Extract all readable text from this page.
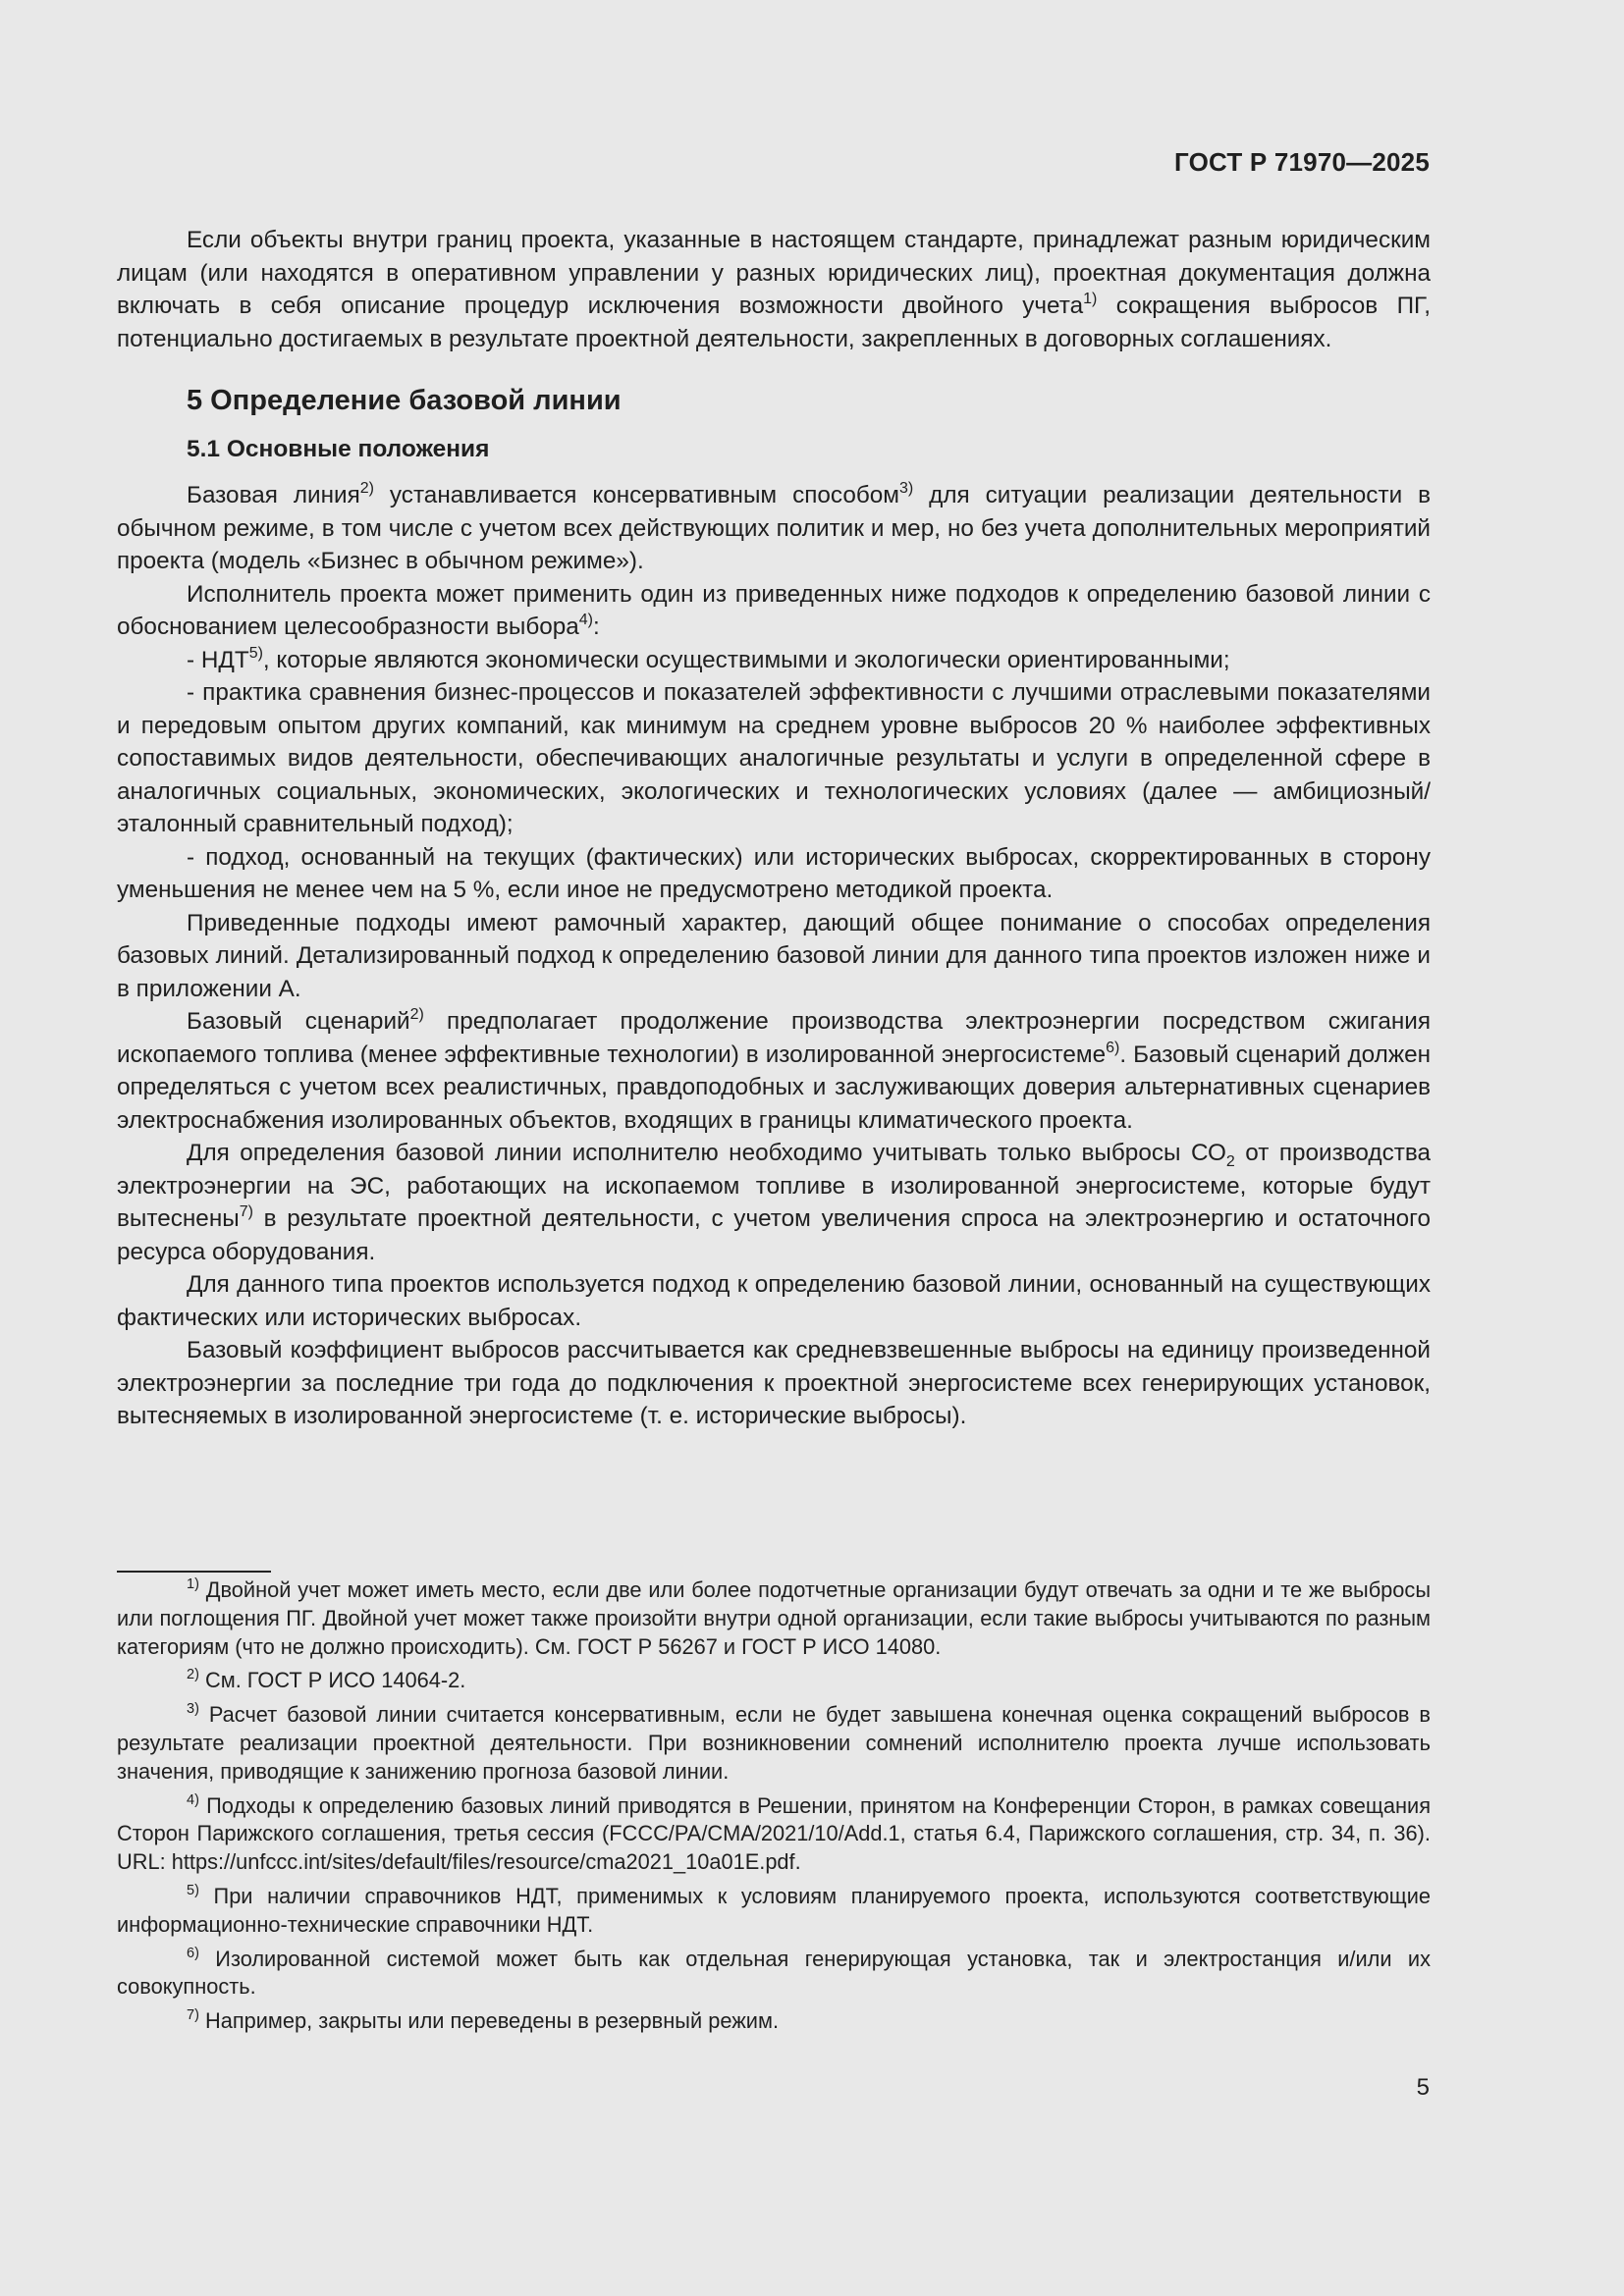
ГОСТ Р 71970—2025

Если объекты внутри границ проекта, указанные в настоящем стандарте, принадлежат разным юридическим лицам (или находятся в оперативном управлении у разных юридических лиц), проектная документация должна включать в себя описание процедур исключения возможности двойного учета$^{1)}$ сокращения выбросов ПГ, потенциально достигаемых в результате проектной деятельности, закрепленных в договорных соглашениях.

5 Определение базовой линии
5.1 Основные положения

Базовая линия$^{2)}$ устанавливается консервативным способом$^{3)}$ для ситуации реализации деятельности в обычном режиме, в том числе с учетом всех действующих политик и мер, но без учета дополнительных мероприятий проекта (модель «Бизнес в обычном режиме»).

Исполнитель проекта может применить один из приведенных ниже подходов к определению базовой линии с обоснованием целесообразности выбора$^{4)}$:

- НДТ$^{5)}$, которые являются экономически осуществимыми и экологически ориентированными;

- практика сравнения бизнес-процессов и показателей эффективности с лучшими отраслевыми показателями и передовым опытом других компаний, как минимум на среднем уровне выбросов 20 % наиболее эффективных сопоставимых видов деятельности, обеспечивающих аналогичные результаты и услуги в определенной сфере в аналогичных социальных, экономических, экологических и технологических условиях (далее — амбициозный/эталонный сравнительный подход);

- подход, основанный на текущих (фактических) или исторических выбросах, скорректированных в сторону уменьшения не менее чем на 5 %, если иное не предусмотрено методикой проекта.

Приведенные подходы имеют рамочный характер, дающий общее понимание о способах определения базовых линий. Детализированный подход к определению базовой линии для данного типа проектов изложен ниже и в приложении А.

Базовый сценарий$^{2)}$ предполагает продолжение производства электроэнергии посредством сжигания ископаемого топлива (менее эффективные технологии) в изолированной энергосистеме$^{6)}$. Базовый сценарий должен определяться с учетом всех реалистичных, правдоподобных и заслуживающих доверия альтернативных сценариев электроснабжения изолированных объектов, входящих в границы климатического проекта.

Для определения базовой линии исполнителю необходимо учитывать только выбросы $СО_2$ от производства электроэнергии на ЭС, работающих на ископаемом топливе в изолированной энергосистеме, которые будут вытеснены$^{7)}$ в результате проектной деятельности, с учетом увеличения спроса на электроэнергию и остаточного ресурса оборудования.

Для данного типа проектов используется подход к определению базовой линии, основанный на существующих фактических или исторических выбросах.

Базовый коэффициент выбросов рассчитывается как средневзвешенные выбросы на единицу произведенной электроэнергии за последние три года до подключения к проектной энергосистеме всех генерирующих установок, вытесняемых в изолированной энергосистеме (т. е. исторические выбросы).

$^{1)}$ Двойной учет может иметь место, если две или более подотчетные организации будут отвечать за одни и те же выбросы или поглощения ПГ. Двойной учет может также произойти внутри одной организации, если такие выбросы учитываются по разным категориям (что не должно происходить). См. ГОСТ Р 56267 и ГОСТ Р ИСО 14080.

$^{2)}$ См. ГОСТ Р ИСО 14064-2.

$^{3)}$ Расчет базовой линии считается консервативным, если не будет завышена конечная оценка сокращений выбросов в результате реализации проектной деятельности. При возникновении сомнений исполнителю проекта лучше использовать значения, приводящие к занижению прогноза базовой линии.

$^{4)}$ Подходы к определению базовых линий приводятся в Решении, принятом на Конференции Сторон, в рамках совещания Сторон Парижского соглашения, третья сессия (FCCC/PA/CMA/2021/10/Add.1, статья 6.4, Парижского соглашения, стр. 34, п. 36). URL: https://unfccc.int/sites/default/files/resource/cma2021_10a01E.pdf.

$^{5)}$ При наличии справочников НДТ, применимых к условиям планируемого проекта, используются соответствующие информационно-технические справочники НДТ.

$^{6)}$ Изолированной системой может быть как отдельная генерирующая установка, так и электростанция и/или их совокупность.

$^{7)}$ Например, закрыты или переведены в резервный режим.

5
